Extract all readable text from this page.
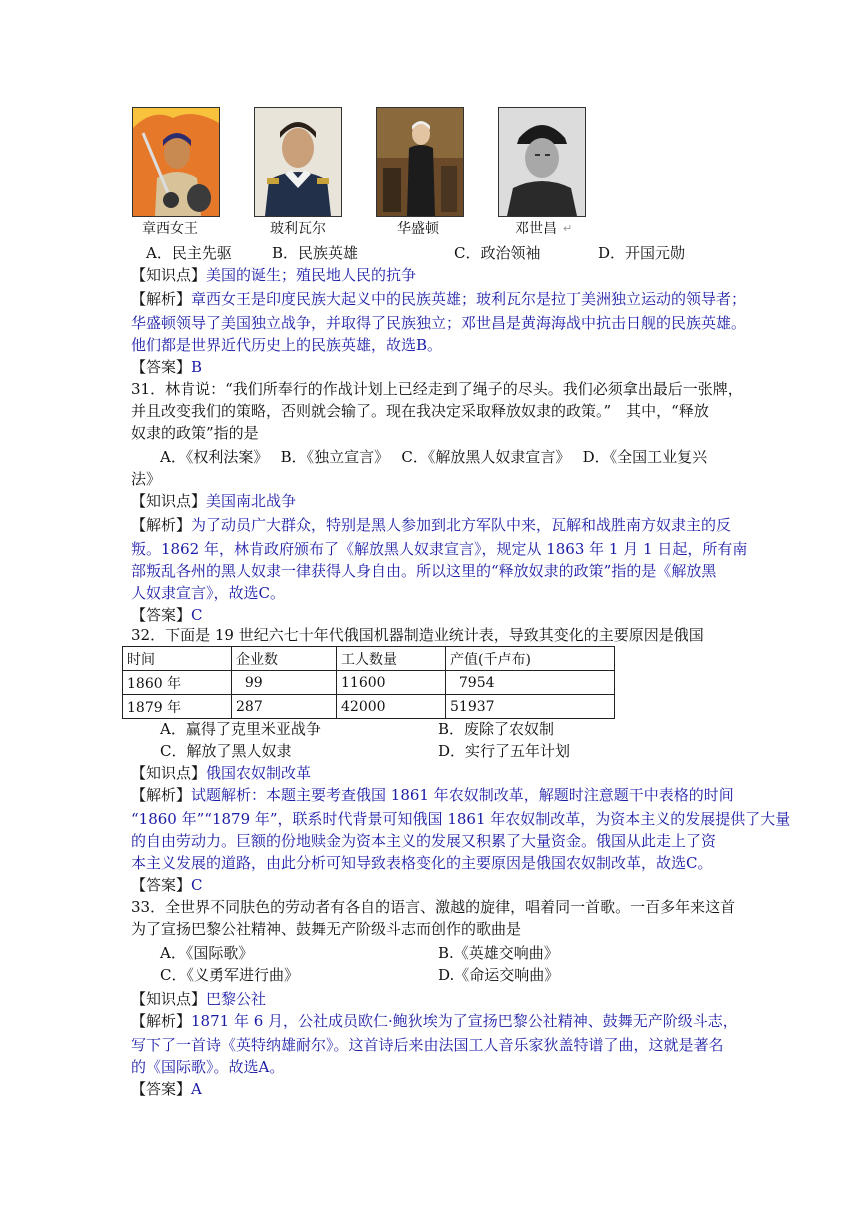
章西女王	玻利瓦尔	华盛顿	邓世昌 ↵
A．民主先驱	B．民族英雄	C．政治领袖	D．开国元勋
【知识点】美国的诞生；殖民地人民的抗争
【解析】章西女王是印度民族大起义中的民族英雄；玻利瓦尔是拉丁美洲独立运动的领导者；
华盛顿领导了美国独立战争，并取得了民族独立；邓世昌是黄海海战中抗击日舰的民族英雄。
他们都是世界近代历史上的民族英雄，故选B。
【答案】B
31．林肯说：“我们所奉行的作战计划上已经走到了绳子的尽头。我们必须拿出最后一张牌，
并且改变我们的策略，否则就会输了。现在我决定采取释放奴隶的政策。”　其中，“释放
奴隶的政策”指的是
A．《权利法案》　 B．《独立宣言》　 C．《解放黑人奴隶宣言》　 D．《全国工业复兴
法》
【知识点】美国南北战争
【解析】为了动员广大群众，特别是黑人参加到北方军队中来，瓦解和战胜南方奴隶主的反
叛。1862 年，林肯政府颁布了《解放黑人奴隶宣言》，规定从 1863 年 1 月 1 日起，所有南
部叛乱各州的黑人奴隶一律获得人身自由。所以这里的“释放奴隶的政策”指的是《解放黑
人奴隶宣言》，故选C。
【答案】C
32．下面是 19 世纪六七十年代俄国机器制造业统计表，导致其变化的主要原因是俄国
时间	企业数	工人数量	产值(千卢布)
1860 年	99	11600	7954
1879 年	287	42000	51937
A．赢得了克里米亚战争	B．废除了农奴制
C．解放了黑人奴隶	D．实行了五年计划
【知识点】俄国农奴制改革
【解析】试题解析：本题主要考查俄国 1861 年农奴制改革，解题时注意题干中表格的时间
“1860 年”“1879 年”，联系时代背景可知俄国 1861 年农奴制改革，为资本主义的发展提供了大量
的自由劳动力。巨额的份地赎金为资本主义的发展又积累了大量资金。俄国从此走上了资
本主义发展的道路，由此分析可知导致表格变化的主要原因是俄国农奴制改革，故选C。
【答案】C
33．全世界不同肤色的劳动者有各自的语言、激越的旋律，唱着同一首歌。一百多年来这首
为了宣扬巴黎公社精神、鼓舞无产阶级斗志而创作的歌曲是
A．《国际歌》	B.《英雄交响曲》
C．《义勇军进行曲》	D.《命运交响曲》
【知识点】巴黎公社
【解析】1871 年 6 月，公社成员欧仁·鲍狄埃为了宣扬巴黎公社精神、鼓舞无产阶级斗志，
写下了一首诗《英特纳雄耐尔》。这首诗后来由法国工人音乐家狄盖特谱了曲，这就是著名
的《国际歌》。故选A。
【答案】A
